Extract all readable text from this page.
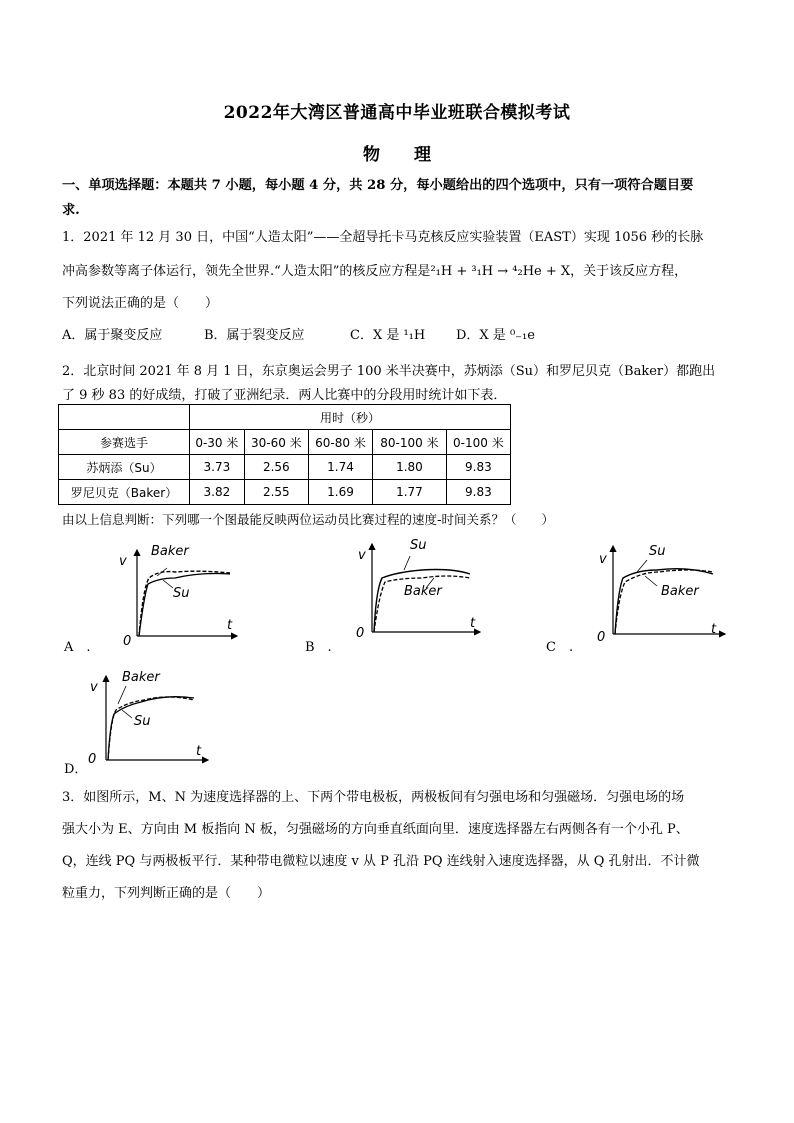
2022年大湾区普通高中毕业班联合模拟考试
物 理
一、单项选择题：本题共 7 小题，每小题 4 分，共 28 分，每小题给出的四个选项中，只有一项符合题目要
求.
1．2021 年 12 月 30 日，中国“人造太阳”——全超导托卡马克核反应实验装置（EAST）实现 1056 秒的长脉
冲高参数等离子体运行，领先全世界.“人造太阳”的核反应方程是²₁H + ³₁H → ⁴₂He + X，关于该反应方程，
下列说法正确的是（　　）
A．属于聚变反应	B．属于裂变反应	C．X 是 ¹₁H D．X 是 ⁰₋₁e
2．北京时间 2021 年 8 月 1 日，东京奥运会男子 100 米半决赛中，苏炳添（Su）和罗尼贝克（Baker）都跑出
了 9 秒 83 的好成绩，打破了亚洲纪录．两人比赛中的分段用时统计如下表．
	用时（秒）				
参赛选手	0-30 米	30-60 米	60-80 米	80-100 米	0-100 米
苏炳添（Su）	3.73	2.56	1.74	1.80	9.83
罗尼贝克（Baker）	3.82	2.55	1.69	1.77	9.83
由以上信息判断：下列哪一个图最能反映两位运动员比赛过程的速度-时间关系？（　　）
v
t
0
Baker
Su
A　.
v
t
0
Su
Baker
B　.
v
t
0
Su
Baker
C　.
v
t
0
Baker
Su
D．
3．如图所示，M、N 为速度选择器的上、下两个带电极板，两极板间有匀强电场和匀强磁场．匀强电场的场
强大小为 E、方向由 M 板指向 N 板，匀强磁场的方向垂直纸面向里．速度选择器左右两侧各有一个小孔 P、
Q，连线 PQ 与两极板平行．某种带电微粒以速度 v 从 P 孔沿 PQ 连线射入速度选择器，从 Q 孔射出．不计微
粒重力，下列判断正确的是（　　）
